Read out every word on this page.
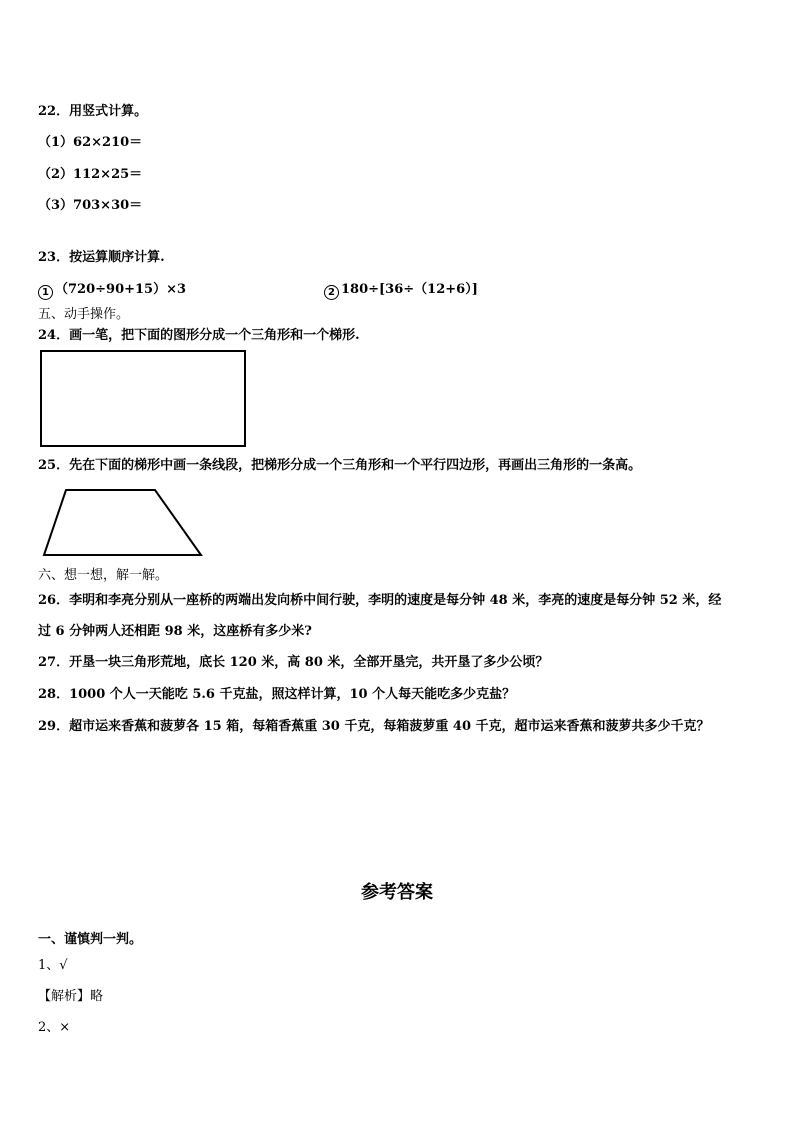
22．用竖式计算。
（1）62×210＝
（2）112×25＝
（3）703×30＝
23．按运算顺序计算.
1 （720÷90+15）×3	2 180÷[36÷（12+6）]
五、动手操作。
24．画一笔，把下面的图形分成一个三角形和一个梯形.
25．先在下面的梯形中画一条线段，把梯形分成一个三角形和一个平行四边形，再画出三角形的一条高。
六、想一想，解一解。
26．李明和李亮分别从一座桥的两端出发向桥中间行驶，李明的速度是每分钟 48 米，李亮的速度是每分钟 52 米，经
过 6 分钟两人还相距 98 米，这座桥有多少米?
27．开垦一块三角形荒地，底长 120 米，高 80 米，全部开垦完，共开垦了多少公顷？
28．1000 个人一天能吃 5.6 千克盐，照这样计算，10 个人每天能吃多少克盐？
29．超市运来香蕉和菠萝各 15 箱，每箱香蕉重 30 千克，每箱菠萝重 40 千克，超市运来香蕉和菠萝共多少千克？
参考答案
一、谨慎判一判。
1、√
【解析】略
2、×
